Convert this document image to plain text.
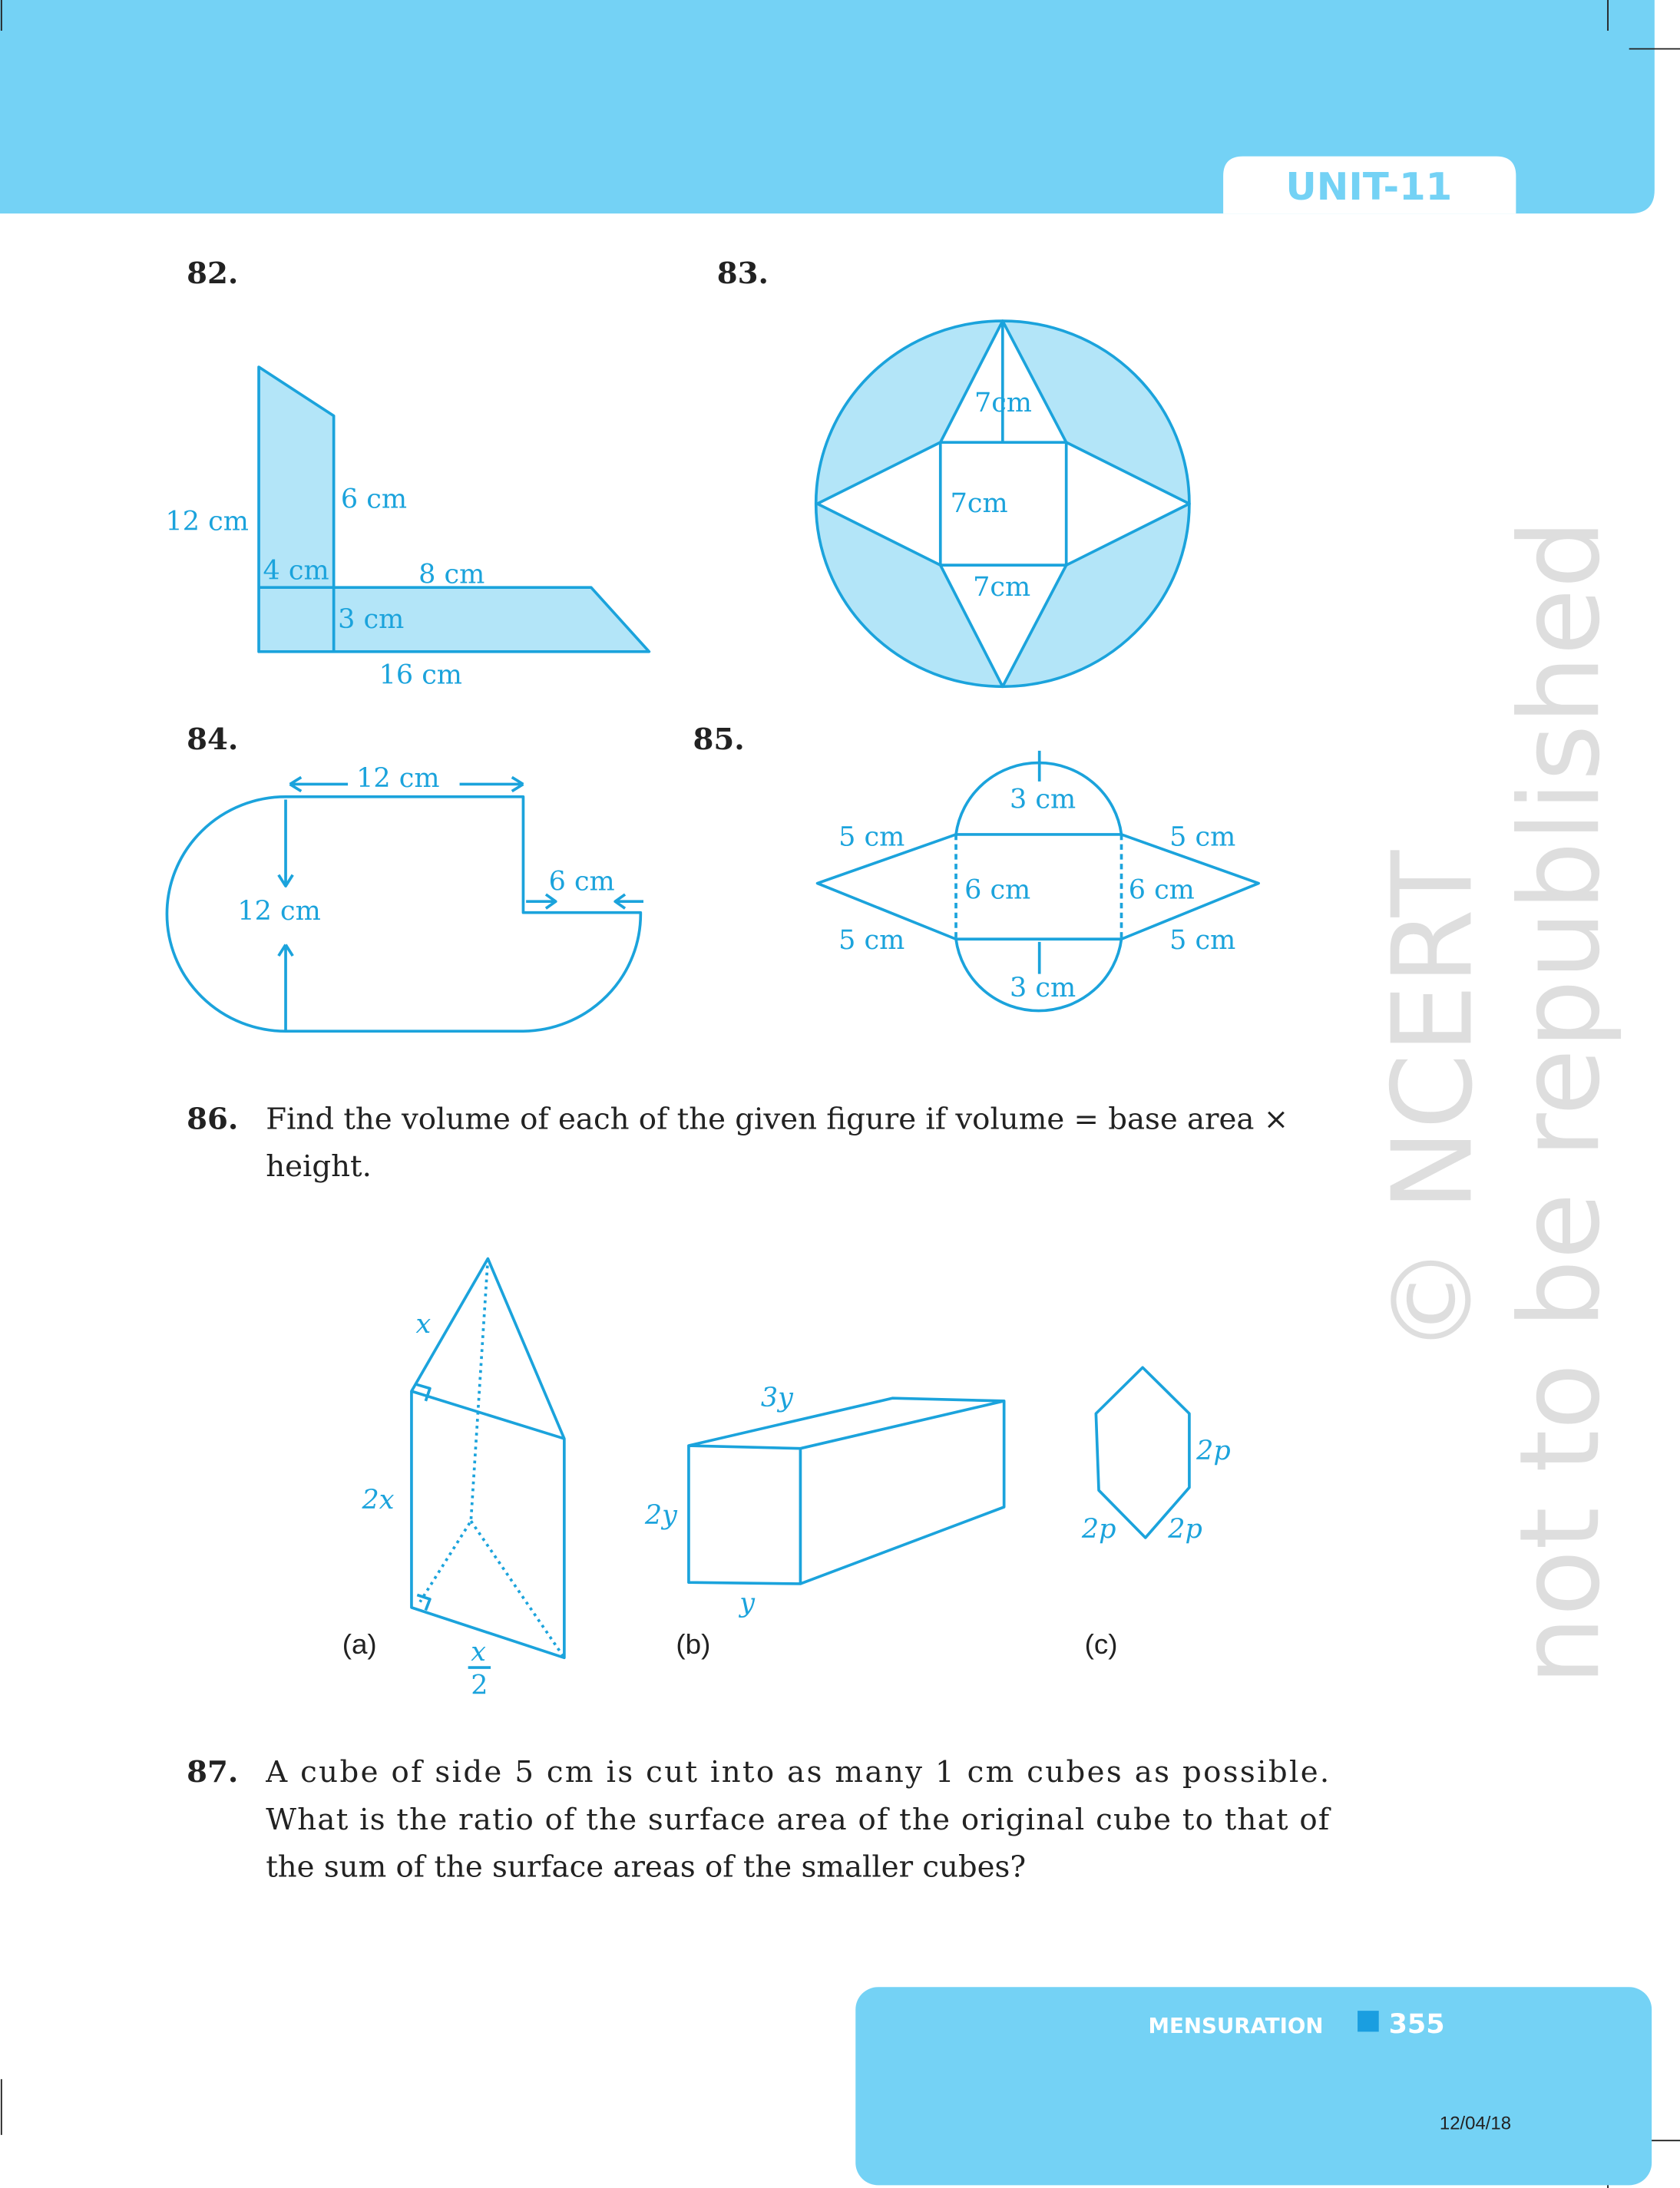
UNIT-11
© NCERT
not to be republished
82.
12 cm
6 cm
4 cm	8 cm
3 cm
16 cm
83.
7cm
7cm
7cm
84.
12 cm
12 cm
6 cm
85.
3 cm
5 cm	5 cm
6 cm	6 cm
5 cm	5 cm
3 cm
86. Find the volume of each of the given figure if volume = base area ×
height.
x
2x
x
2
(a)
3y
2y
y
(b)
2p
2p	2p
(c)
87. A cube of side 5 cm is cut into as many 1 cm cubes as possible.
What is the ratio of the surface area of the original cube to that of
the sum of the surface areas of the smaller cubes?
MENSURATION	355
12/04/18
